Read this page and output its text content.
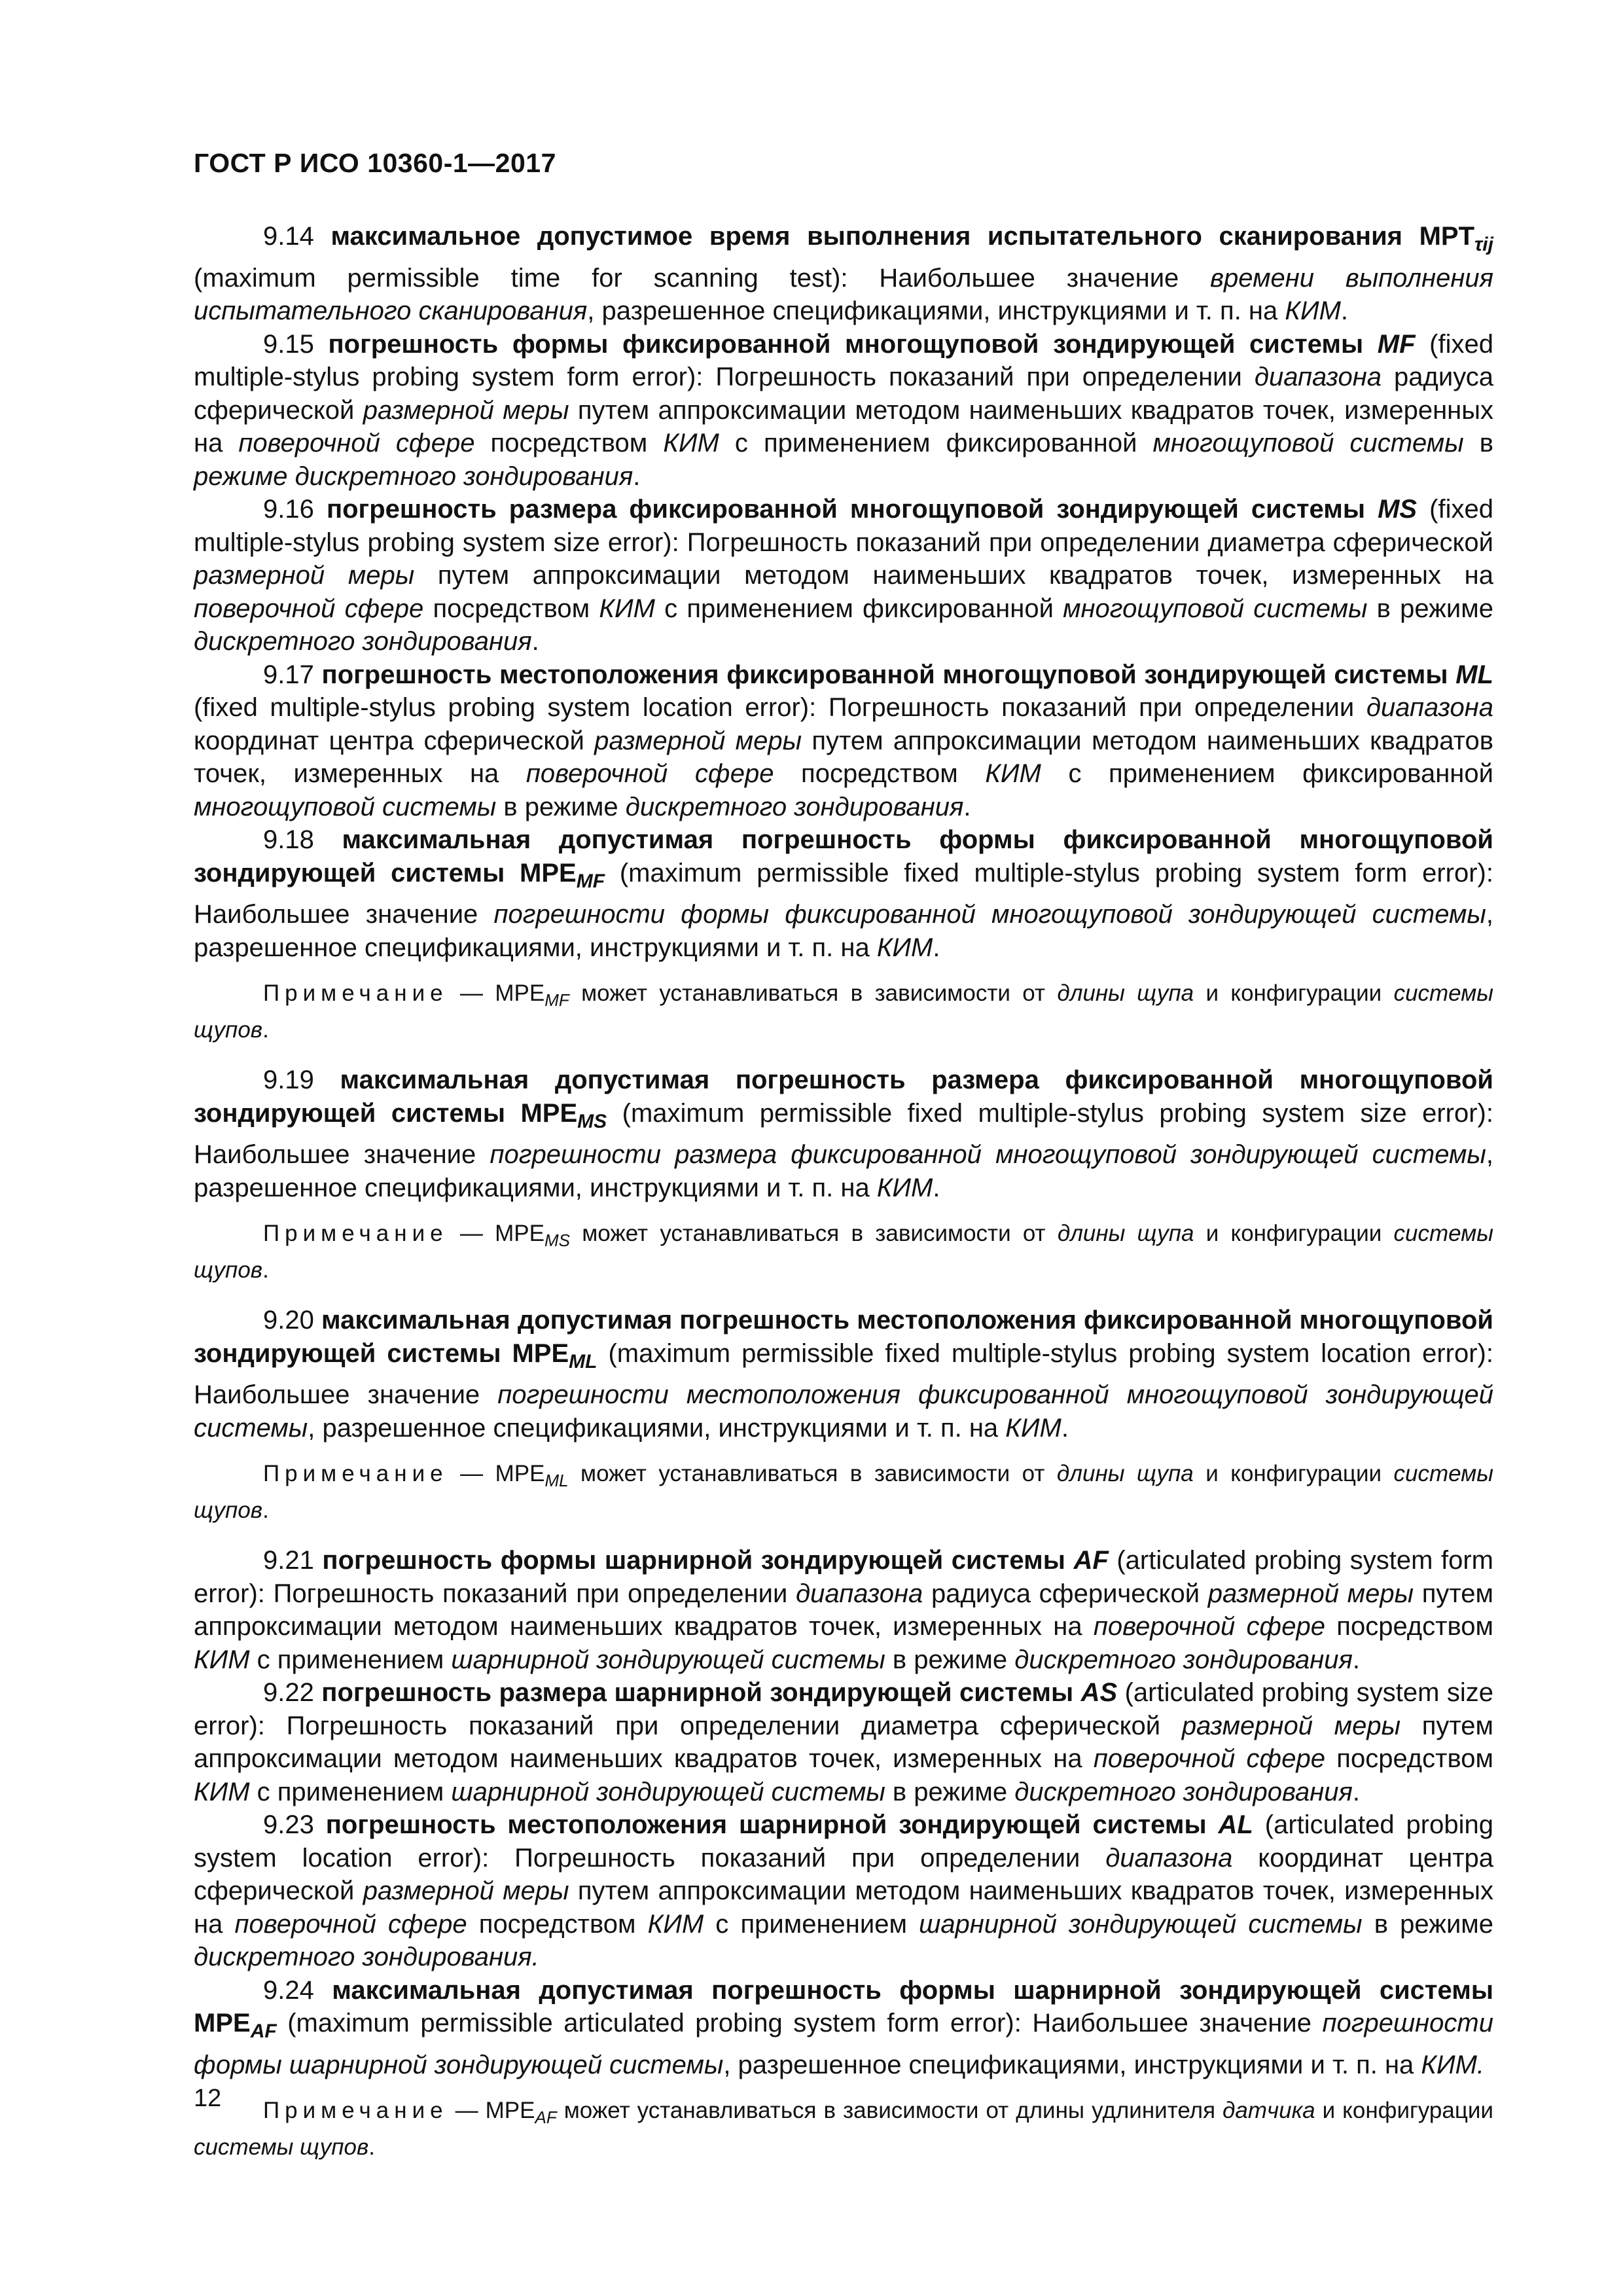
ГОСТ Р ИСО 10360-1—2017

9.14 максимальное допустимое время выполнения испытательного сканирования $MPT_{\tau ij}$ (maximum permissible time for scanning test): Наибольшее значение времени выполнения испытательного сканирования, разрешенное спецификациями, инструкциями и т. п. на КИМ.

9.15 погрешность формы фиксированной многощуповой зондирующей системы MF (fixed multiple-stylus probing system form error): Погрешность показаний при определении диапазона радиуса сферической размерной меры путем аппроксимации методом наименьших квадратов точек, измеренных на поверочной сфере посредством КИМ с применением фиксированной многощуповой системы в режиме дискретного зондирования.

9.16 погрешность размера фиксированной многощуповой зондирующей системы MS (fixed multiple-stylus probing system size error): Погрешность показаний при определении диаметра сферической размерной меры путем аппроксимации методом наименьших квадратов точек, измеренных на поверочной сфере посредством КИМ с применением фиксированной многощуповой системы в режиме дискретного зондирования.

9.17 погрешность местоположения фиксированной многощуповой зондирующей системы ML (fixed multiple-stylus probing system location error): Погрешность показаний при определении диапазона координат центра сферической размерной меры путем аппроксимации методом наименьших квадратов точек, измеренных на поверочной сфере посредством КИМ с применением фиксированной многощуповой системы в режиме дискретного зондирования.

9.18 максимальная допустимая погрешность формы фиксированной многощуповой зондирующей системы $MPE_{MF}$ (maximum permissible fixed multiple-stylus probing system form error): Наибольшее значение погрешности формы фиксированной многощуповой зондирующей системы, разрешенное спецификациями, инструкциями и т. п. на КИМ.

Примечание — $МРЕ_{MF}$ может устанавливаться в зависимости от длины щупа и конфигурации системы щупов.

9.19 максимальная допустимая погрешность размера фиксированной многощуповой зондирующей системы $MPE_{MS}$ (maximum permissible fixed multiple-stylus probing system size error): Наибольшее значение погрешности размера фиксированной многощуповой зондирующей системы, разрешенное спецификациями, инструкциями и т. п. на КИМ.

Примечание — $МРЕ_{MS}$ может устанавливаться в зависимости от длины щупа и конфигурации системы щупов.

9.20 максимальная допустимая погрешность местоположения фиксированной многощуповой зондирующей системы $MPE_{ML}$ (maximum permissible fixed multiple-stylus probing system location error): Наибольшее значение погрешности местоположения фиксированной многощуповой зондирующей системы, разрешенное спецификациями, инструкциями и т. п. на КИМ.

Примечание — $МРЕ_{ML}$ может устанавливаться в зависимости от длины щупа и конфигурации системы щупов.

9.21 погрешность формы шарнирной зондирующей системы AF (articulated probing system form error): Погрешность показаний при определении диапазона радиуса сферической размерной меры путем аппроксимации методом наименьших квадратов точек, измеренных на поверочной сфере посредством КИМ с применением шарнирной зондирующей системы в режиме дискретного зондирования.

9.22 погрешность размера шарнирной зондирующей системы AS (articulated probing system size error): Погрешность показаний при определении диаметра сферической размерной меры путем аппроксимации методом наименьших квадратов точек, измеренных на поверочной сфере посредством КИМ с применением шарнирной зондирующей системы в режиме дискретного зондирования.

9.23 погрешность местоположения шарнирной зондирующей системы AL (articulated probing system location error): Погрешность показаний при определении диапазона координат центра сферической размерной меры путем аппроксимации методом наименьших квадратов точек, измеренных на поверочной сфере посредством КИМ с применением шарнирной зондирующей системы в режиме дискретного зондирования.

9.24 максимальная допустимая погрешность формы шарнирной зондирующей системы $MPE_{AF}$ (maximum permissible articulated probing system form error): Наибольшее значение погрешности формы шарнирной зондирующей системы, разрешенное спецификациями, инструкциями и т. п. на КИМ.

Примечание — $МРЕ_{AF}$ может устанавливаться в зависимости от длины удлинителя датчика и конфигурации системы щупов.

12
